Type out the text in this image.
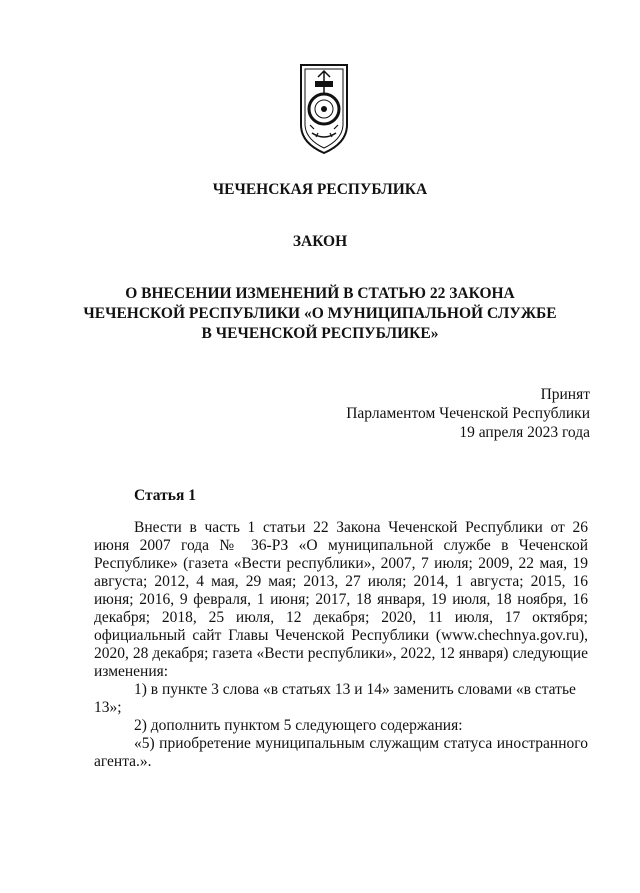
ЧЕЧЕНСКАЯ РЕСПУБЛИКА
ЗАКОН
О ВНЕСЕНИИ ИЗМЕНЕНИЙ В СТАТЬЮ 22 ЗАКОНА
ЧЕЧЕНСКОЙ РЕСПУБЛИКИ «О МУНИЦИПАЛЬНОЙ СЛУЖБЕ
В ЧЕЧЕНСКОЙ РЕСПУБЛИКЕ»
Принят
Парламентом Чеченской Республики
19 апреля 2023 года
Статья 1

Внести в часть 1 статьи 22 Закона Чеченской Республики от 26 июня 2007 года № 36-РЗ «О муниципальной службе в Чеченской Республике» (газета «Вести республики», 2007, 7 июля; 2009, 22 мая, 19 августа; 2012, 4 мая, 29 мая; 2013, 27 июля; 2014, 1 августа; 2015, 16 июня; 2016, 9 февраля, 1 июня; 2017, 18 января, 19 июля, 18 ноября, 16 декабря; 2018, 25 июля, 12 декабря; 2020, 11 июля, 17 октября; официальный сайт Главы Чеченской Республики (www.chechnya.gov.ru), 2020, 28 декабря; газета «Вести республики», 2022, 12 января) следующие изменения:

1) в пункте 3 слова «в статьях 13 и 14» заменить словами «в статье 13»;

2) дополнить пунктом 5 следующего содержания:

«5) приобретение муниципальным служащим статуса иностранного агента.».
